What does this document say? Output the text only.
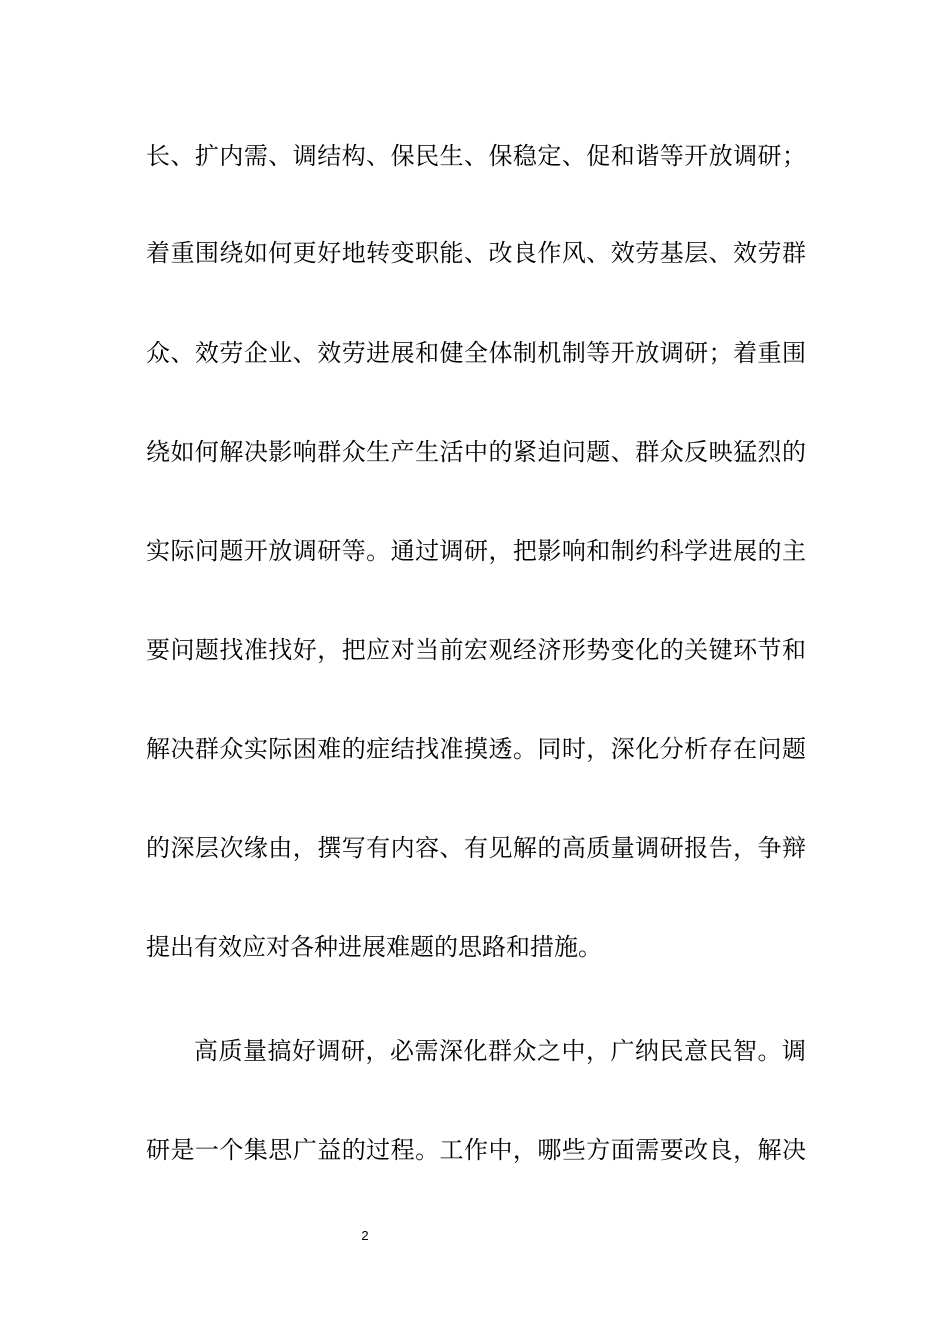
长、扩内需、调结构、保民生、保稳定、促和谐等开放调研；
着重围绕如何更好地转变职能、改良作风、效劳基层、效劳群
众、效劳企业、效劳进展和健全体制机制等开放调研；着重围
绕如何解决影响群众生产生活中的紧迫问题、群众反映猛烈的
实际问题开放调研等。通过调研，把影响和制约科学进展的主
要问题找准找好，把应对当前宏观经济形势变化的关键环节和
解决群众实际困难的症结找准摸透。同时，深化分析存在问题
的深层次缘由，撰写有内容、有见解的高质量调研报告，争辩
提出有效应对各种进展难题的思路和措施。
高质量搞好调研，必需深化群众之中，广纳民意民智。调
研是一个集思广益的过程。工作中，哪些方面需要改良，解决
2
